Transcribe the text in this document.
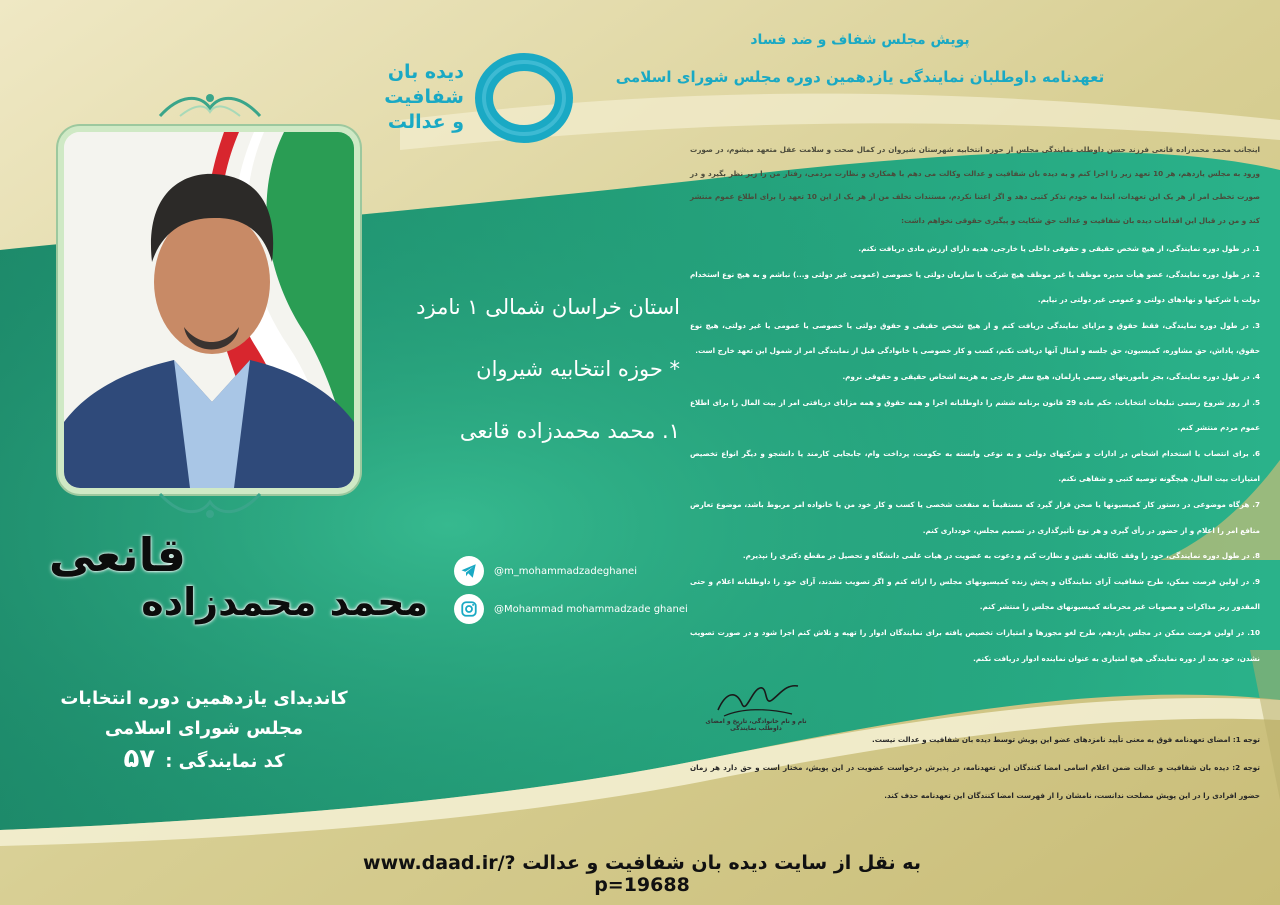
پویش مجلس شفاف و ضد فساد
تعهدنامه داوطلبان نمایندگی یازدهمین دوره مجلس شورای اسلامی
دیده بان
شفافیت
و عدالت
استان خراسان شمالی ۱ نامزد
* حوزه انتخابیه شیروان
۱. محمد محمدزاده قانعی
قانعی
محمد محمدزاده
کاندیدای یازدهمین دوره انتخابات
مجلس شورای اسلامی
کد نمایندگی :
۵۷
@m_mohammadzadeghanei
@Mohammad mohammadzade ghanei
اینجانب محمد محمدزاده قانعی فرزند حسن داوطلب نمایندگی مجلس از حوزه انتخابیه شهرستان شیروان در کمال صحت و سلامت عقل متعهد میشوم، در صورت ورود به مجلس یازدهم، هر 10 تعهد زیر را اجرا کنم و به دیده بان شفافیت و عدالت وکالت می دهم با همکاری و نظارت مردمی، رفتار من را زیر نظر بگیرد و در صورت تخطی امر از هر یک این تعهدات، ابتدا به خودم تذکر کتبی دهد و اگر اعتنا نکردم، مستندات تخلف من از هر یک از این 10 تعهد را برای اطلاع عموم منتشر کند و من در قبال این اقدامات دیده بان شفافیت و عدالت حق شکایت و پیگیری حقوقی نخواهم داشت:

1. در طول دوره نمایندگی، از هیچ شخص حقیقی و حقوقی داخلی یا خارجی، هدیه دارای ارزش مادی دریافت نکنم.

2. در طول دوره نمایندگی، عضو هیأت مدیره موظف یا غیر موظف هیچ شرکت یا سازمان دولتی یا خصوصی (عمومی غیر دولتی و...) نباشم و به هیچ نوع استخدام دولت یا شرکتها و نهادهای دولتی و عمومی غیر دولتی در نیایم.

3. در طول دوره نمایندگی، فقط حقوق و مزایای نمایندگی دریافت کنم و از هیچ شخص حقیقی و حقوق دولتی یا خصوصی یا عمومی یا غیر دولتی، هیچ نوع حقوق، پاداش، حق مشاوره، کمیسیون، حق جلسه و امثال آنها دریافت نکنم، کسب و کار خصوصی یا خانوادگی قبل از نمایندگی امر از شمول این تعهد خارج است.

4. در طول دوره نمایندگی، بجز مأموریتهای رسمی پارلمان، هیچ سفر خارجی به هزینه اشخاص حقیقی و حقوقی نروم.

5. از روز شروع رسمی تبلیغات انتخابات، حکم ماده 29 قانون برنامه ششم را داوطلبانه اجرا و همه حقوق و همه مزایای دریافتی امر از بیت المال را برای اطلاع عموم مردم منتشر کنم.

6. برای انتصاب یا استخدام اشخاص در ادارات و شرکتهای دولتی و به نوعی وابسته به حکومت، پرداخت وام، جابجایی کارمند یا دانشجو و دیگر انواع تخصیص امتیازات بیت المال، هیچگونه توصیه کتبی و شفاهی نکنم.

7. هرگاه موضوعی در دستور کار کمیسیونها یا صحن قرار گیرد که مستقیماً به منفعت شخصی یا کسب و کار خود من یا خانواده امر مربوط باشد، موضوع تعارض منافع امر را اعلام و از حضور در رأی گیری و هر نوع تأثیرگذاری در تصمیم مجلس، خودداری کنم.

8. در طول دوره نمایندگی، خود را وقف تکالیف تقنین و نظارت کنم و دعوت به عضویت در هیات علمی دانشگاه و تحصیل در مقطع دکتری را نپذیرم.

9. در اولین فرصت ممکن، طرح شفافیت آرای نمایندگان و پخش زنده کمیسیونهای مجلس را ارائه کنم و اگر تصویب نشدند، آرای خود را داوطلبانه اعلام و حتی المقدور ریز مذاکرات و مصوبات غیر محرمانه کمیسیونهای مجلس را منتشر کنم.

10. در اولین فرصت ممکن در مجلس یازدهم، طرح لغو مجوزها و امتیازات تخصیص یافته برای نمایندگان ادوار را تهیه و تلاش کنم اجرا شود و در صورت تصویب نشدن، خود بعد از دوره نمایندگی هیچ امتیازی به عنوان نماینده ادوار دریافت نکنم.

نام و نام خانوادگی، تاریخ و امضای داوطلب نمایندگی
توجه 1: امضای تعهدنامه فوق به معنی تأیید نامزدهای عضو این پویش توسط دیده بان شفافیت و عدالت نیست.
توجه 2: دیده بان شفافیت و عدالت ضمن اعلام اسامی امضا کنندگان این تعهدنامه، در پذیرش درخواست عضویت در این پویش، مختار است و حق دارد هر زمان حضور افرادی را در این پویش مصلحت ندانست، نامشان را از فهرست امضا کنندگان این تعهدنامه حذف کند.
به نقل از سایت دیده بان شفافیت و عدالت www.daad.ir/?p=19688
